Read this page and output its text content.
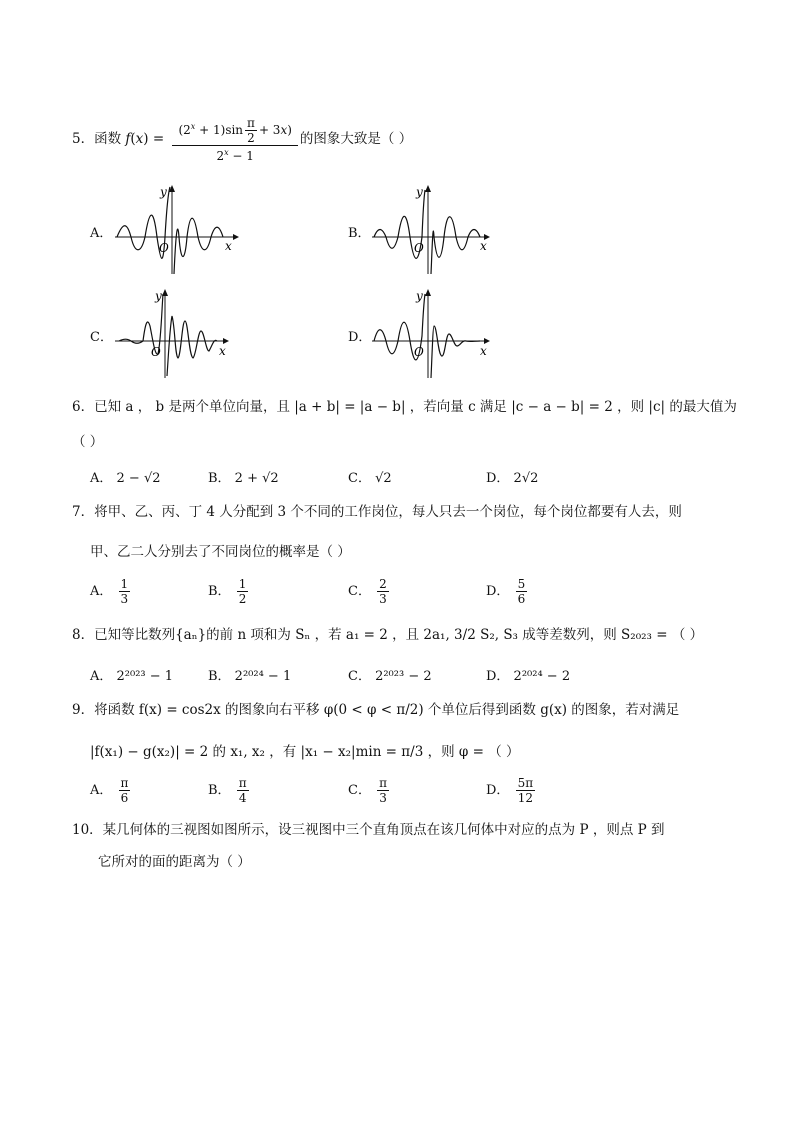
5．函数 $f(x) = \frac{(2^x + 1)\sin \frac{\pi}{2} + 3x)}{2^x - 1}$ 的图象大致是（ ）
A．
y
x
O
B．
y
x
O
C．
y
x
O
D．
y
x
O
6．已知 a ， b 是两个单位向量，且 |a + b| = |a − b| ，若向量 c 满足 |c − a − b| = 2 ，则 |c| 的最大值为
（ ）
A． 2 − √2	B． 2 + √2	C． √2	D． 2√2
7．将甲、乙、丙、丁 4 人分配到 3 个不同的工作岗位，每人只去一个岗位，每个岗位都要有人去，则
甲、乙二人分别去了不同岗位的概率是（ ）
A． $\frac{1}{3}$	B． $\frac{1}{2}$	C． $\frac{2}{3}$	D． $\frac{5}{6}$
8．已知等比数列{aₙ}的前 n 项和为 Sₙ ，若 a₁ = 2 ，且 2a₁, 3/2 S₂, S₃ 成等差数列，则 S₂₀₂₃ = （ ）
A． 2²⁰²³ − 1	B． 2²⁰²⁴ − 1	C． 2²⁰²³ − 2	D． 2²⁰²⁴ − 2
9．将函数 f(x) = cos2x 的图象向右平移 φ(0 < φ < π/2) 个单位后得到函数 g(x) 的图象，若对满足
|f(x₁) − g(x₂)| = 2 的 x₁, x₂ ，有 |x₁ − x₂|min = π/3 ，则 φ = （ ）
A． $\frac{\pi}{6}$	B． $\frac{\pi}{4}$	C． $\frac{\pi}{3}$	D． $\frac{5\pi}{12}$
10．某几何体的三视图如图所示，设三视图中三个直角顶点在该几何体中对应的点为 P ，则点 P 到
它所对的面的距离为（ ）
